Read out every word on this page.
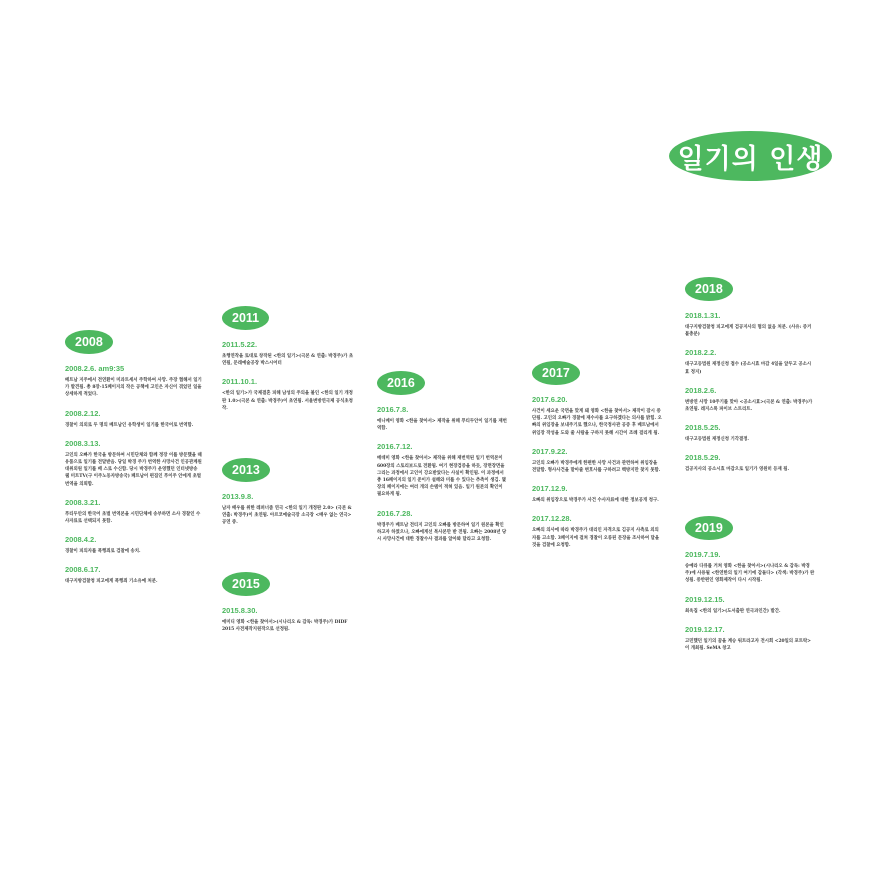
일기의 인생
2008
2008.2.6. am9:35
베트남 지주에서 전연환이 미과트세서 주학하여 사망. 주장 협해서 일기가 발견됨. 총 8장-15페이지의 작은 공책에 고인은 자신이 겪었던 일을 상세하게 적었다.
2008.2.12.
경찰이 의외로 두 명의 베트남인 유학생이 일기를 한국어로 번역함.
2008.3.13.
고인의 오빠가 한국을 방문하여 시민단체와 함께 정장 이를 방문했을 때 유품으로 일기를 전달받음. 당일 박경 주가 번역한 사망사건 인공관계원대위외원 일기를 배 스로 수신함. 당시 박경주가 운영했던 인터넷방송 웹 미트TV(구 이주노동자방송국) 페트남어 편집인 푸이주 안에게 초벌 번역을 의뢰함.
2008.3.21.
푸티두안의 한국어 초벌 번역본을 시민단체에 송부하면 소사 경찰인 수사자료로 선택되지 못함.
2008.4.2.
경찰이 피의자를 폭행죄로 검찰에 송치.
2008.6.17.
대구지방검찰청 피고에게 폭행죄 기소유예 처분.
2011
2011.5.22.
초행연작을 토대로 창작된 <한의 일기>(극본 & 연출: 박경주)가 초연됨, 문래예술공장 박스시어터
2011.10.1.
<한의 일기>가 국제결혼 피해 남성의 주의을 볼인 <한의 일기 개정판 1.0>(극본 & 연출: 박경주)이 초연됨. 서울변방연극제 공식초청작.
2013
2013.9.8.
남자 배우를 위한 레퍼너좀 연극 <한의 일기 개정판 2.0> (극본 & 연출: 박경주)이 초연됨. 아르코예술극장 소극장 <배우 없는 연극> 공연 중.
2015
2015.8.30.
애미디 영화 <한을 찾아서>(시나리오 & 감독: 박경주)가 DIDF 2015 사전제작지원작으로 선정됨.
2016
2016.7.8.
애니메이 영화 <한을 찾아서> 제작을 위해 푸티두안이 일기를 재번역함.
2016.7.12.
메데미 영화 <한을 찾아서> 제작을 위해 재번역된 일기 번역본이 600장의 스토리보드로 전환됨. 여기 현장검증을 하듯, 장면장면을 그리는 과정에서 고인이 강요받았다는 사실이 확인됨. 이 과정에서 총 16페이지의 일기 준이가 설해와 미를 수 있다는 추측이 생김. 몇 장의 페이지에는 여러 개의 손뎀이 적혀 있음. 일기 원본의 확인이 필요하게 됨.
2016.7.28.
박경주가 베트남 전티지 고인의 오빠를 방문하여 일기 원본을 확인하고자 하였으나, 오빠에게선 복사본만 받 전됨. 오빠는 2008년 당시 사망사건에 대한 경찰수사 결과를 알아봐 달라고 요청함.
2017
2017.6.20.
사건이 세요운 국면을 맞게 돼 영화 <한을 찾아서> 제작이 잠시 중단됨. 고인의 오빠가 경찰에 재수사를 요구하겠다는 의사를 밝힘. 오빠의 위임장을 보내주기로 했으나, 한국정사관 공증 후 베트남에서 위임장 작성을 도와 줄 사람을 구하지 못해 시간이 조례 걸리게 됨.
2017.9.22.
고인의 오빠가 박경주에게 한편한 사망 사건과 관련하여 위임장을 전달함. 형사사건을 맡아줄 변호사를 구하려고 백방지만 찾지 못함.
2017.12.9.
오빠의 위임장으로 박경주가 사건 수사자료에 대한 정보공개 청구.
2017.12.28.
오빠의 의사에 따라 박경주가 대리인 자격으로 김공지 사측로 외의자를 고소함. 3페이지에 걸쳐 경찰이 오류된 문장을 조사하여 달을 것을 검찰에 요청함.
2018
2018.1.31.
대구지방검찰청 피고에게 검공지사의 혐의 없음 처분. (사유: 증거불충분)
2018.2.2.
대구고등법원 재정신청 접수 (공소시효 마감 4일을 앞두고 공소시효 정지)
2018.2.6.
변방연 사망 10주기를 맞아 <공소시효>(극본 & 연출: 박경주)가 초연됨. 레지스톡 파이브 스트리트.
2018.5.25.
대구고등법원 재정신청 기각결정.
2018.5.29.
검공지사의 공소시효 마감으로 일기가 영원히 등재 됨.
2019
2019.7.19.
송예라 다큐를 거쳐 영화 <한을 찾아서>(시나리오 & 감독: 박경주)에 사용될 <한연한의 일기 여기에 감돌다> (각색: 박경주)가 완성됨. 중반편인 영화제작이 다시 시작됨.
2019.12.15.
최옥집 <한의 일기>(도서출판 연극과인간) 발간.
2019.12.17.
고민했던 일기의 꿈을 계승 워트라고자 전시회 <20일의 포트락>이 개최됨. SeMA 창고
